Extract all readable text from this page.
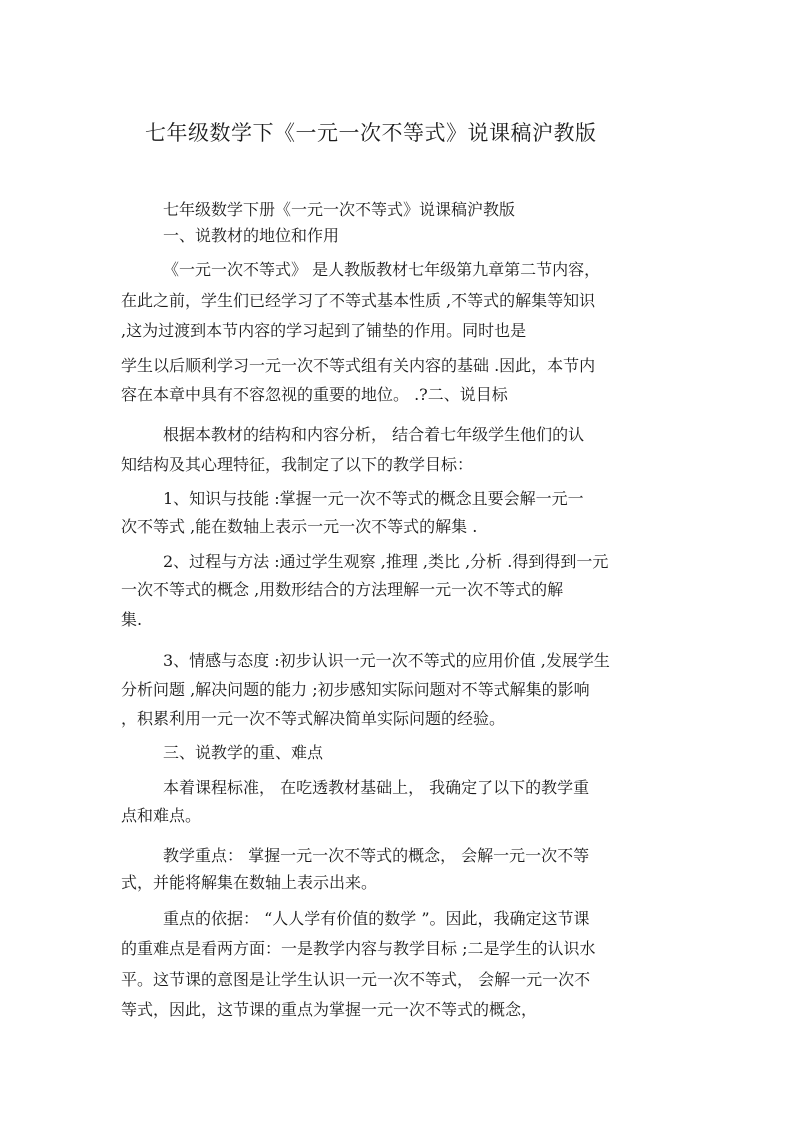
七年级数学下《一元一次不等式》说课稿沪教版
七年级数学下册《一元一次不等式》说课稿沪教版
一、说教材的地位和作用
《一元一次不等式》 是人教版教材七年级第九章第二节内容，
在此之前，学生们已经学习了不等式基本性质 ,不等式的解集等知识
,这为过渡到本节内容的学习起到了铺垫的作用。同时也是
学生以后顺利学习一元一次不等式组有关内容的基础 .因此，本节内
容在本章中具有不容忽视的重要的地位。 .?二、说目标
根据本教材的结构和内容分析， 结合着七年级学生他们的认
知结构及其心理特征，我制定了以下的教学目标：
1、知识与技能 :掌握一元一次不等式的概念且要会解一元一
次不等式 ,能在数轴上表示一元一次不等式的解集 .
2、过程与方法 :通过学生观察 ,推理 ,类比 ,分析 .得到得到一元
一次不等式的概念 ,用数形结合的方法理解一元一次不等式的解
集.
3、情感与态度 :初步认识一元一次不等式的应用价值 ,发展学生
分析问题 ,解决问题的能力 ;初步感知实际问题对不等式解集的影响
，积累利用一元一次不等式解决简单实际问题的经验。
三、说教学的重、难点
本着课程标准， 在吃透教材基础上， 我确定了以下的教学重
点和难点。
教学重点： 掌握一元一次不等式的概念， 会解一元一次不等
式，并能将解集在数轴上表示出来。
重点的依据： “人人学有价值的数学 ”。因此，我确定这节课
的重难点是看两方面：一是教学内容与教学目标 ;二是学生的认识水
平。这节课的意图是让学生认识一元一次不等式， 会解一元一次不
等式，因此，这节课的重点为掌握一元一次不等式的概念，
